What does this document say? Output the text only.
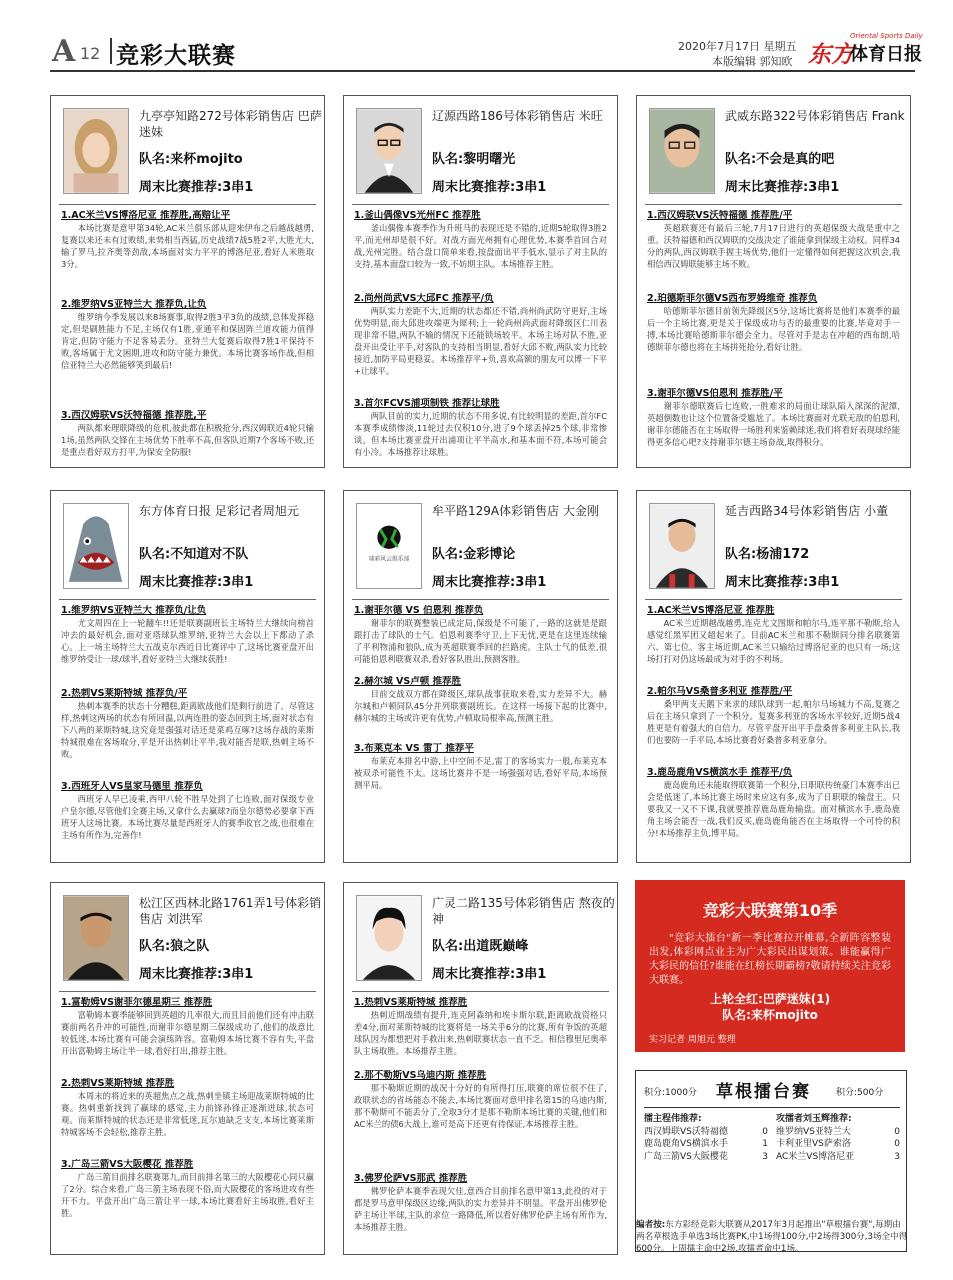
A 12 竞彩大联赛	2020年7月17日 星期五
本版编辑 郭知欧
Oriental Sports Daily
东方
体育日报
九亭亭知路272号体彩销售店 巴萨迷妹
队名:来杯mojito
周末比赛推荐:3串1
1.AC米兰VS博洛尼亚 推荐胜,高赔让平
本场比赛是意甲第34轮,AC米兰俱乐部从迎来伊布之后越战越勇,复赛以来还未有过败绩,来势相当西猛,历史战绩7战5胜2平,大胜尤大,输了罗马,拉齐奥等劲敌,本场面对实力平平的博洛尼亚,看好人米胜取3分。
2.维罗纳VS亚特兰大 推荐负,让负
维罗纳今季发展以来8场赛事,取得2胜3平3负的战绩,总体发挥稳定,但是刷胜能力不足,主场仅有1胜,亚通平和保固阵兰道攻能力值得肯定,但防守能力不足客易丢分。亚特兰大复赛后取得7胜1平保持不败,客场属于尤文困期,进攻和防守能力兼优。本场比赛客场作战,但相信亚特兰大必然能够笑到最后!
3.西汉姆联VS沃特福德 推荐胜,平
两队都来理联降级的危机,彼此都在积极抢分,西汉姆联近4轮只输1场,虽然两队交锋在主场优势下胜率不高,但客队近期7个客场不败,还是重点看好双方打平,为保安全防服!
辽源西路186号体彩销售店 米旺
队名:黎明曙光
周末比赛推荐:3串1
1.釜山偶像VS光州FC 推荐胜
釜山偶像本赛季作为升班马的表现还是不错的,近期5轮取得3胜2平,而光州却是很不好。对战方面光州拥有心理优势,本赛季首回合对战,光州完胜。结合盘口简单来看,按盘面出平手低水,显示了对主队的支持,基本面盘口较为一致,不妨期主队。本场推荐主胜。
2.尚州尚武VS大邱FC 推荐平/负
两队实力差距不大,近期的状态都还不错,尚州尚武防守更好,主场优势明显,而大邱进攻端更为犀利;上一轮尚州尚武面对降级区仁川表现非常不错,两队不输的情况下还能锁场较平。本场主场对队不胜,亚盘开出受让平手,对客队的支持相当明显,看好大邱不败,两队实力比较接近,加防平局更稳妥。本场推荐平+负,喜欢高额的朋友可以博一下平+让球平。
3.首尔FCVS浦项制铁 推荐让球胜
两队目前的实力,近期的状态不用多说,有比较明显的差距,首尔FC本赛季成绩惨淡,11轮过去仅积10分,进了9个球丢掉25个球,非常惨谈。但本场比赛亚盘开出浦项让平半高水,和基本面不符,本场可能会有小冷。本场推荐让球胜。
武威东路322号体彩销售店 Frank
队名:不会是真的吧
周末比赛推荐:3串1
1.西汉姆联VS沃特福德 推荐胜/平
英超联赛还有最后三轮,7月17日进行的英超保级大战是重中之重。沃特福德和西汉姆联的交战决定了谁能拿到保级主动权。同样34分的两队,西汉姆联手握主场优势,他们一定懂得如何把握这次机会,我相信西汉姆联能够主场不败。
2.珀德斯菲尔德VS西布罗姆维奇 推荐负
哈德斯菲尔德目前领先降级区5分,这场比赛将是他们本赛季的最后一个主场比赛,更是关于保级成功与否的最重要的比赛,毕竟对手一搏,本场比赛哈德斯菲尔德会全力。尽管对手是志在冲超的西布朗,哈德斯菲尔德也将在主场拼死抢分,看好让胜。
3.谢菲尔德VS伯恩利 推荐胜/平
谢菲尔德联赛后七连败,一胜难求的局面让球队陷入深深的泥潭,英超倒数也让这个位置备受尴尬了。本场比赛面对尤联无敌的伯恩利,谢菲尔德能否在主场取得一场胜利来鉴赖球迷,我们将看好表现球经能得更多信心吧?支持谢菲尔德主场奋战,取得积分。
东方体育日报 足彩记者周旭元
队名:不知道对不队
周末比赛推荐:3串1
1.维罗纳VS亚特兰大 推荐负/让负
尤文周四在上一轮翻车!!还是联赛副班长主场特兰大继续向榜首冲去的最好机会,面对亚塔球队维罗纳,亚特兰大会以上下都动了杀心。上一场主场特兰大五战克尔西近日比赛评中了,这场比赛亚盘开出维罗纳受让一球/球半,看好亚特兰大继续获胜!
2.热刺VS莱斯特城 推荐负/平
热刺本赛季的状态十分糟糕,距离欧战他们是剩行前进了。尽管这样,热刺这两场的状态有所回温,以两连胜的姿态回到主场,面对状态有下八两的莱斯特城,这究竟是强强对话还是菜鸡互啄?这场存战的莱斯特城很难在客场取分,平是开出热刺让平半,我对能否是联,热刺主场不败。
3.西班牙人VS皇家马德里 推荐负
西班牙人早已凌乘,西甲八轮不胜早处到了七连败,面对保级专业户皇尔德,尽管他们全赛主场,又拿什么去赢球?而皇尔德势必要拿下西班牙人这场比赛。本场比赛尽量是西班牙人的赛季收官之战,也很难在主场有所作为,完善作!
球彩风云俱乐部
牟平路129A体彩销售店 大金刚
队名:金彩博论
周末比赛推荐:3串1
1.谢菲尔德 VS 伯恩利 推荐负
谢菲尔的联赛整装已成定局,保级是不可能了,一路的这就是是跟跟打击了球队的士气。伯恩利赛季守卫,上下无忧,更是在这里连续输了平利物浦和狼队,成为英超联赛季回的拦路虎。主队士气的低差,很可能伯恩利联赛双杀,看好客队胜出,预测客胜。
2.赫尔城 VS卢顿 推荐胜
目前交战双方都在降级区,球队战事获取来看,实力差异不大。赫尔城和卢顿同队45分并列联赛副班长。在这样一场接下起的比赛中,赫尔城的主场或许更有优势,卢顿取局根率高,预测主胜。
3.布莱克本 VS 雷丁 推荐平
布莱克本排名中游,上中空间不足,雷丁的客场实力一般,布莱克本被双杀可能性不太。这场比赛并不是一场强强对话,看好平局,本场预测平局。
延吉西路34号体彩销售店 小董
队名:杨浦172
周末比赛推荐:3串1
1.AC米兰VS博洛尼亚 推荐胜
AC米兰近期越战越勇,连克尤文图斯和帕尔马,连平那不勒斯,给人感觉红黑军团又超起来了。目前AC米兰和那不勒斯同分排名联赛第六、第七位。客主场近期,AC米兰只输给过博洛尼亚的也只有一场;这场打打对仍这场最成为对手的不利场。
2.帕尔马VS桑普多利亚 推荐胜/平
桑甲两支天鹅下来求的球队球到一起,帕尔马场城力不高,复赛之后在主场只拿到了一个积分。复赛多利亚的客场水平较好,近期5战4胜更是有着强大的自信力。尽管平盘开出平手盘桑普多利亚主队长,我们也要防一手平局,本场比赛看好桑普多利亚拿分。
3.鹿岛鹿角VS横滨水手 推荐平/负
鹿岛鹿角还未能取得联赛第一个积分,日职联传统豪门本赛季出已会是低迷了,本场比赛主场时来应这有多,成为了日职联的输盘王。只要我又一又不下课,我就要推荐鹿岛鹿角输盘。面对横滨水手,鹿岛鹿角主场会能否一战,我们反买,鹿岛鹿角能否在主场取得一个可怜的积分!本场推荐主负,博平局。
松江区西林北路1761弄1号体彩销售店 刘洪军
队名:狼之队
周末比赛推荐:3串1
1.富勒姆VS谢菲尔德星期三 推荐胜
富勒姆本赛季能够回到英超的几率很大,而且目前他们还有冲击联赛前两名升冲的可能性,而谢菲尔德星期三保级成功了,他们的战意比较低迷,本场比赛有可能会演练阵容。富勒姆本场比赛不容有失,平盘开出富勒姆主场让半一球,看好打出,推荐主胜。
2.热刺VS莱斯特城 推荐胜
本周末的将近来的英超焦点之战,热刺坐镇主场迎战莱斯特城的比赛。热刺重新找到了赢球的感觉,主力前锋孙锋正逐渐进球,状态可观。而莱斯特城的状态还是非常低迷,瓦尔迪缺乏支支,本场比赛莱斯特城客场不会轻松,推荐主胜。
3.广岛三箭VS大阪樱花 推荐胜
广岛三箭目前排名联赛第九,而目前排名第三的大阪樱花心同只赢了2分。综合来看,广岛三箭主场表现不俗,而大阪樱花的客场进攻有些开不力。平盘开出广岛三箭让平一球,本场比赛看好主场取胜,看好主胜。
广灵二路135号体彩销售店 熬夜的神
队名:出道既巅峰
周末比赛推荐:3串1
1.热刺VS莱斯特城 推荐胜
热刺近期战绩有提升,连克阿森纳和埃卡斯尔联,距离欧战资格只差4分,面对莱斯特城的比赛将是一场关乎6分的比赛,所有争饭的英超球队因为都想把对手救出来,热刺联赛状态一直不乏。相信穆里尼奥率队主场取胜。本场推荐主胜。
2.那不勒斯VS乌迪内斯 推荐胜
那不勒斯近期的战况十分好的有所得打压,联赛的席位很不住了,政联状态的省场能态不能去,本场比赛面对意甲排名第15的乌迪内斯,那不勒斯可不能丢分了,全取3分才是那不勒斯本场比赛的关键,他们和AC米兰的债6大战上,谁可是高下还更有待保证,本场推荐主胜。
3.佛罗伦萨VS那武 推荐胜
佛罗伦萨本赛季表现欠佳,意西合目前排名意甲第13,此役的对于都是罗马意甲保级区边缘,两队的实力差异并不明显。平盘开出佛罗伦萨主场让半球,主队的求位一路降低,所以看好佛罗伦萨主场有所作为,本场推荐主胜。
竞彩大联赛第10季
"竞彩大擂台"新一季比赛拉开帷幕,全新阵容整装出发,体彩网点业主为广大彩民出谋划策。谁能赢得广大彩民的信任?谁能在红榜长期霸榜?敬请持续关注竞彩大联赛。
上轮全红:巴萨迷妹(1)
队名:来杯mojito
实习记者 周旭元 整理
积分:1000分 草根擂台赛	积分:500分
擂主程伟推荐:
西汉姆联VS沃特福德	0
鹿岛鹿角VS横滨水手	1
广岛三箭VS大阪樱花	3
攻擂者刘玉辉推荐:
维罗纳VS亚特兰大	0
卡利亚里VS萨索洛	0
AC米兰VS博洛尼亚	3
编者按:东方彩经竞彩大联赛从2017年3月起推出"草根擂台赛",每期由两名草根选手单选3场比赛PK,中1场得100分,中2场得300分,3场全中得600分。上周擂主命中2场,攻擂者命中1场。
